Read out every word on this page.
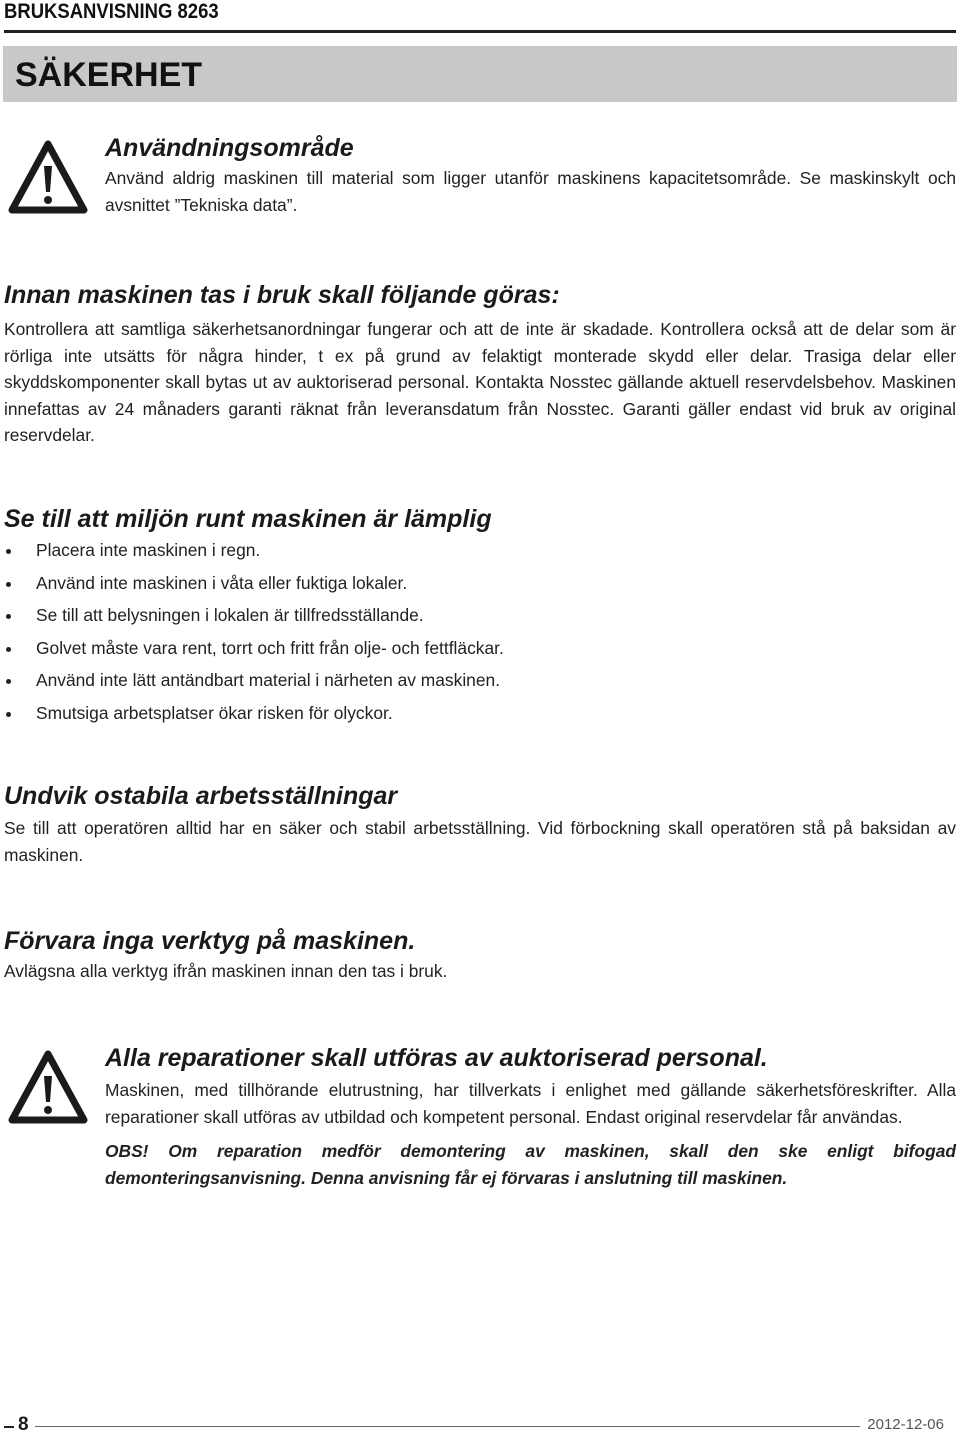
BRUKSANVISNING 8263
SÄKERHET
Användningsområde

Använd aldrig maskinen till material som ligger utanför maskinens kapacitetsområde. Se maskinskylt och avsnittet ”Tekniska data”.

Innan maskinen tas i bruk skall följande göras:

Kontrollera att samtliga säkerhetsanordningar fungerar och att de inte är skadade. Kontrollera också att de delar som är rörliga inte utsätts för några hinder, t ex på grund av felaktigt monterade skydd eller delar. Trasiga delar eller skyddskomponenter skall bytas ut av auktoriserad personal. Kontakta Nosstec gällande aktuell reservdelsbehov. Maskinen innefattas av 24 månaders garanti räknat från leveransdatum från Nosstec. Garanti gäller endast vid bruk av original reservdelar.

Se till att miljön runt maskinen är lämplig
Placera inte maskinen i regn.
Använd inte maskinen i våta eller fuktiga lokaler.
Se till att belysningen i lokalen är tillfredsställande.
Golvet måste vara rent, torrt och fritt från olje- och fettfläckar.
Använd inte lätt antändbart material i närheten av maskinen.
Smutsiga arbetsplatser ökar risken för olyckor.
Undvik ostabila arbetsställningar

Se till att operatören alltid har en säker och stabil arbetsställning. Vid förbockning skall operatören stå på baksidan av maskinen.

Förvara inga verktyg på maskinen.

Avlägsna alla verktyg ifrån maskinen innan den tas i bruk.

Alla reparationer skall utföras av auktoriserad personal.

Maskinen, med tillhörande elutrustning, har tillverkats i enlighet med gällande säkerhetsföreskrifter. Alla reparationer skall utföras av utbildad och kompetent personal. Endast original reservdelar får användas.

OBS! Om reparation medför demontering av maskinen, skall den ske enligt bifogad demonteringsanvisning. Denna anvisning får ej förvaras i anslutning till maskinen.

8	2012-12-06
